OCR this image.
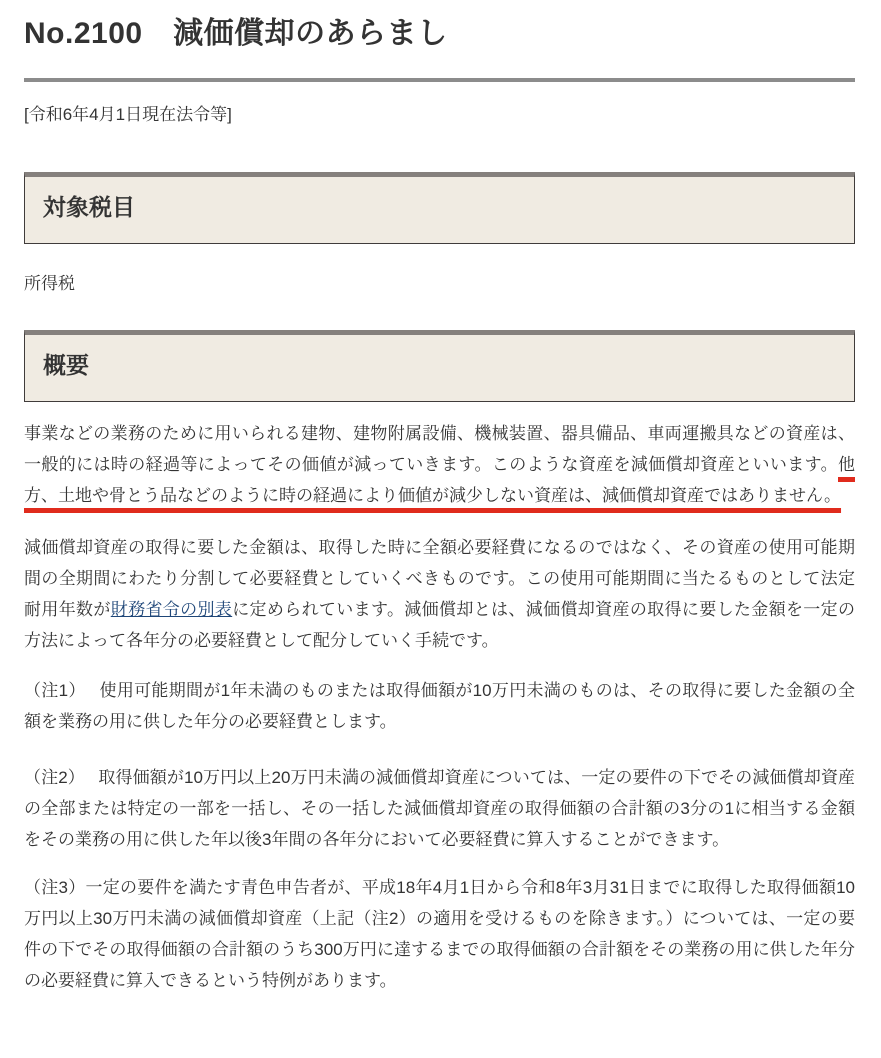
No.2100　減価償却のあらまし

[令和6年4月1日現在法令等]

対象税目

所得税

概要

事業などの業務のために用いられる建物、建物附属設備、機械装置、器具備品、車両運搬具などの資産は、一般的には時の経過等によってその価値が減っていきます。このような資産を減価償却資産といいます。他方、土地や骨とう品などのように時の経過により価値が減少しない資産は、減価償却資産ではありません。

減価償却資産の取得に要した金額は、取得した時に全額必要経費になるのではなく、その資産の使用可能期間の全期間にわたり分割して必要経費としていくべきものです。この使用可能期間に当たるものとして法定耐用年数が財務省令の別表に定められています。減価償却とは、減価償却資産の取得に要した金額を一定の方法によって各年分の必要経費として配分していく手続です。

（注1）　 使用可能期間が1年未満のものまたは取得価額が10万円未満のものは、その取得に要した金額の全額を業務の用に供した年分の必要経費とします。

（注2）　 取得価額が10万円以上20万円未満の減価償却資産については、一定の要件の下でその減価償却資産の全部または特定の一部を一括し、その一括した減価償却資産の取得価額の合計額の3分の1に相当する金額をその業務の用に供した年以後3年間の各年分において必要経費に算入することができます。

（注3）一定の要件を満たす青色申告者が、平成18年4月1日から令和8年3月31日までに取得した取得価額10万円以上30万円未満の減価償却資産（上記（注2）の適用を受けるものを除きます。）については、一定の要件の下でその取得価額の合計額のうち300万円に達するまでの取得価額の合計額をその業務の用に供した年分の必要経費に算入できるという特例があります。
